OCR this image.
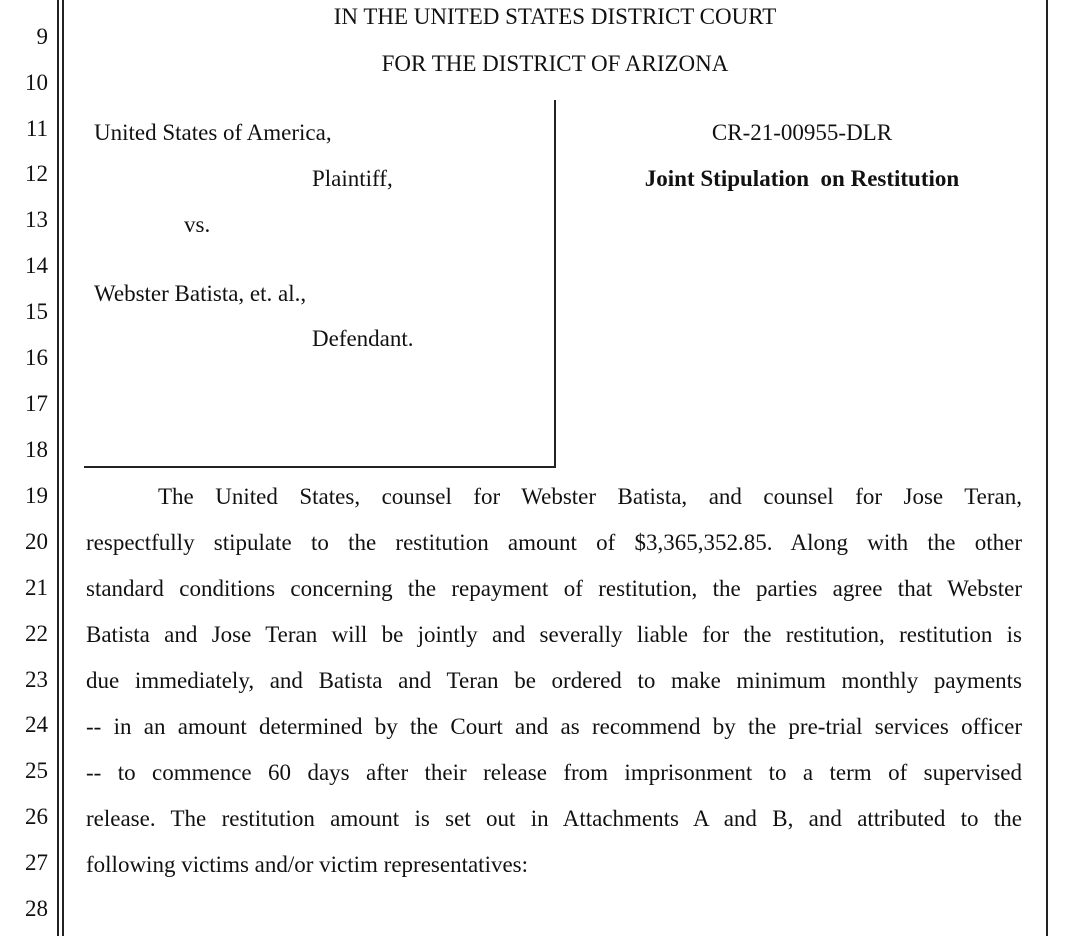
9
10
11
12
13
14
15
16
17
18
19
20
21
22
23
24
25
26
27
28
IN THE UNITED STATES DISTRICT COURT
FOR THE DISTRICT OF ARIZONA
United States of America,
Plaintiff,
vs.
Webster Batista, et. al.,
Defendant.
CR-21-00955-DLR
Joint Stipulation  on Restitution
The United States, counsel for Webster Batista, and counsel for Jose Teran,
respectfully stipulate to the restitution amount of $3,365,352.85. Along with the other
standard conditions concerning the repayment of restitution, the parties agree that Webster
Batista and Jose Teran will be jointly and severally liable for the restitution, restitution is
due immediately, and Batista and Teran be ordered to make minimum monthly payments
-- in an amount determined by the Court and as recommend by the pre-trial services officer
-- to commence 60 days after their release from imprisonment to a term of supervised
release. The restitution amount is set out in Attachments A and B, and attributed to the
following victims and/or victim representatives:
